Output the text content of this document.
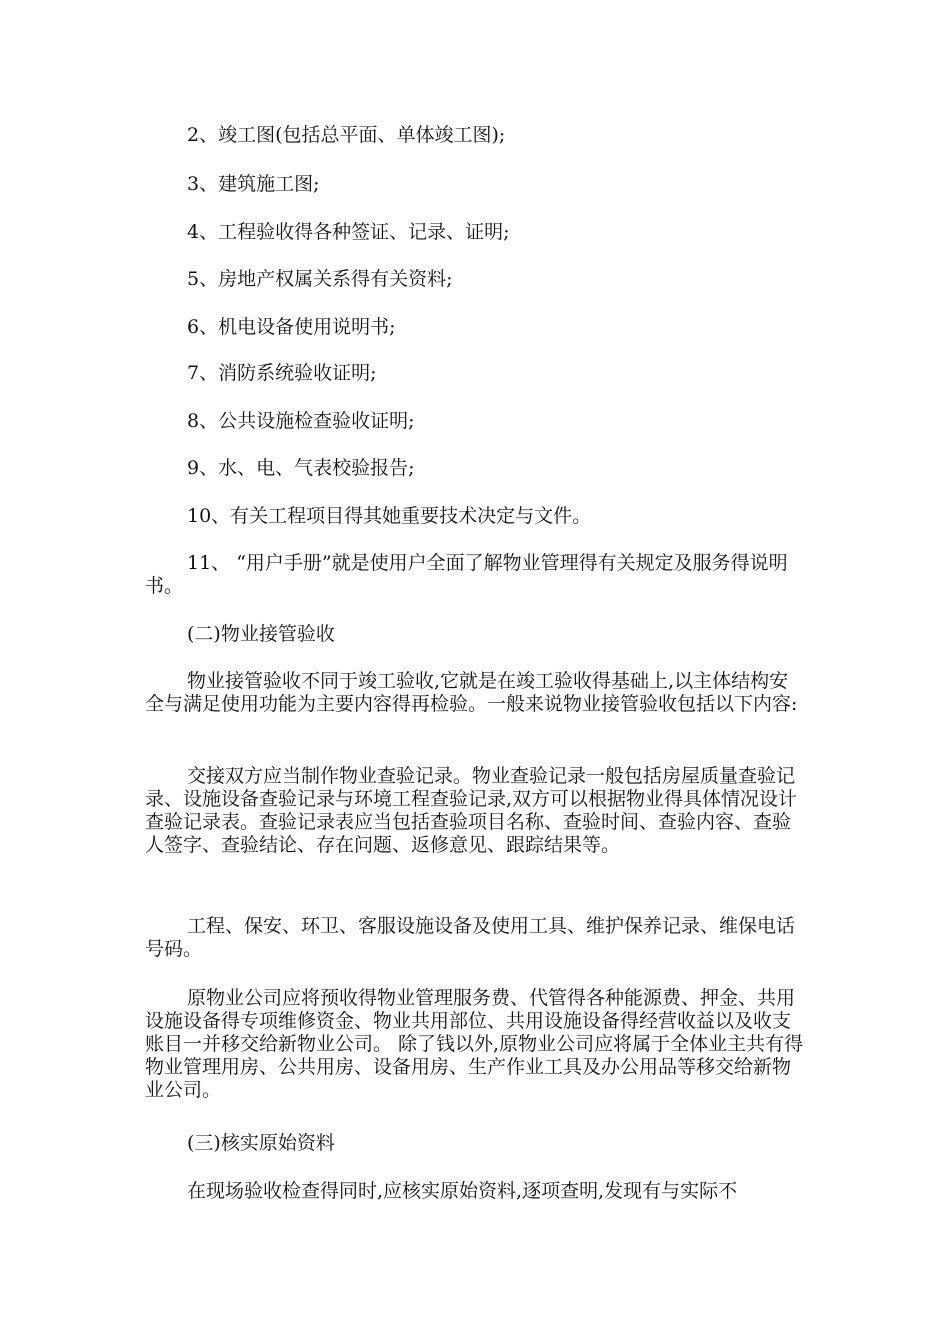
2、竣工图(包括总平面、单体竣工图);

3、建筑施工图;

4、工程验收得各种签证、记录、证明;

5、房地产权属关系得有关资料;

6、机电设备使用说明书;

7、消防系统验收证明;

8、公共设施检查验收证明;

9、水、电、气表校验报告;

10、有关工程项目得其她重要技术决定与文件。

11、 “用户手册”就是使用户全面了解物业管理得有关规定及服务得说明书。

(二)物业接管验收

物业接管验收不同于竣工验收,它就是在竣工验收得基础上,以主体结构安全与满足使用功能为主要内容得再检验。一般来说物业接管验收包括以下内容:

交接双方应当制作物业查验记录。物业查验记录一般包括房屋质量查验记录、设施设备查验记录与环境工程查验记录,双方可以根据物业得具体情况设计查验记录表。查验记录表应当包括查验项目名称、查验时间、查验内容、查验人签字、查验结论、存在问题、返修意见、跟踪结果等。

工程、保安、环卫、客服设施设备及使用工具、维护保养记录、维保电话号码。

原物业公司应将预收得物业管理服务费、代管得各种能源费、押金、共用设施设备得专项维修资金、物业共用部位、共用设施设备得经营收益以及收支账目一并移交给新物业公司。 除了钱以外,原物业公司应将属于全体业主共有得物业管理用房、公共用房、设备用房、生产作业工具及办公用品等移交给新物业公司。

(三)核实原始资料

在现场验收检查得同时,应核实原始资料,逐项查明,发现有与实际不
